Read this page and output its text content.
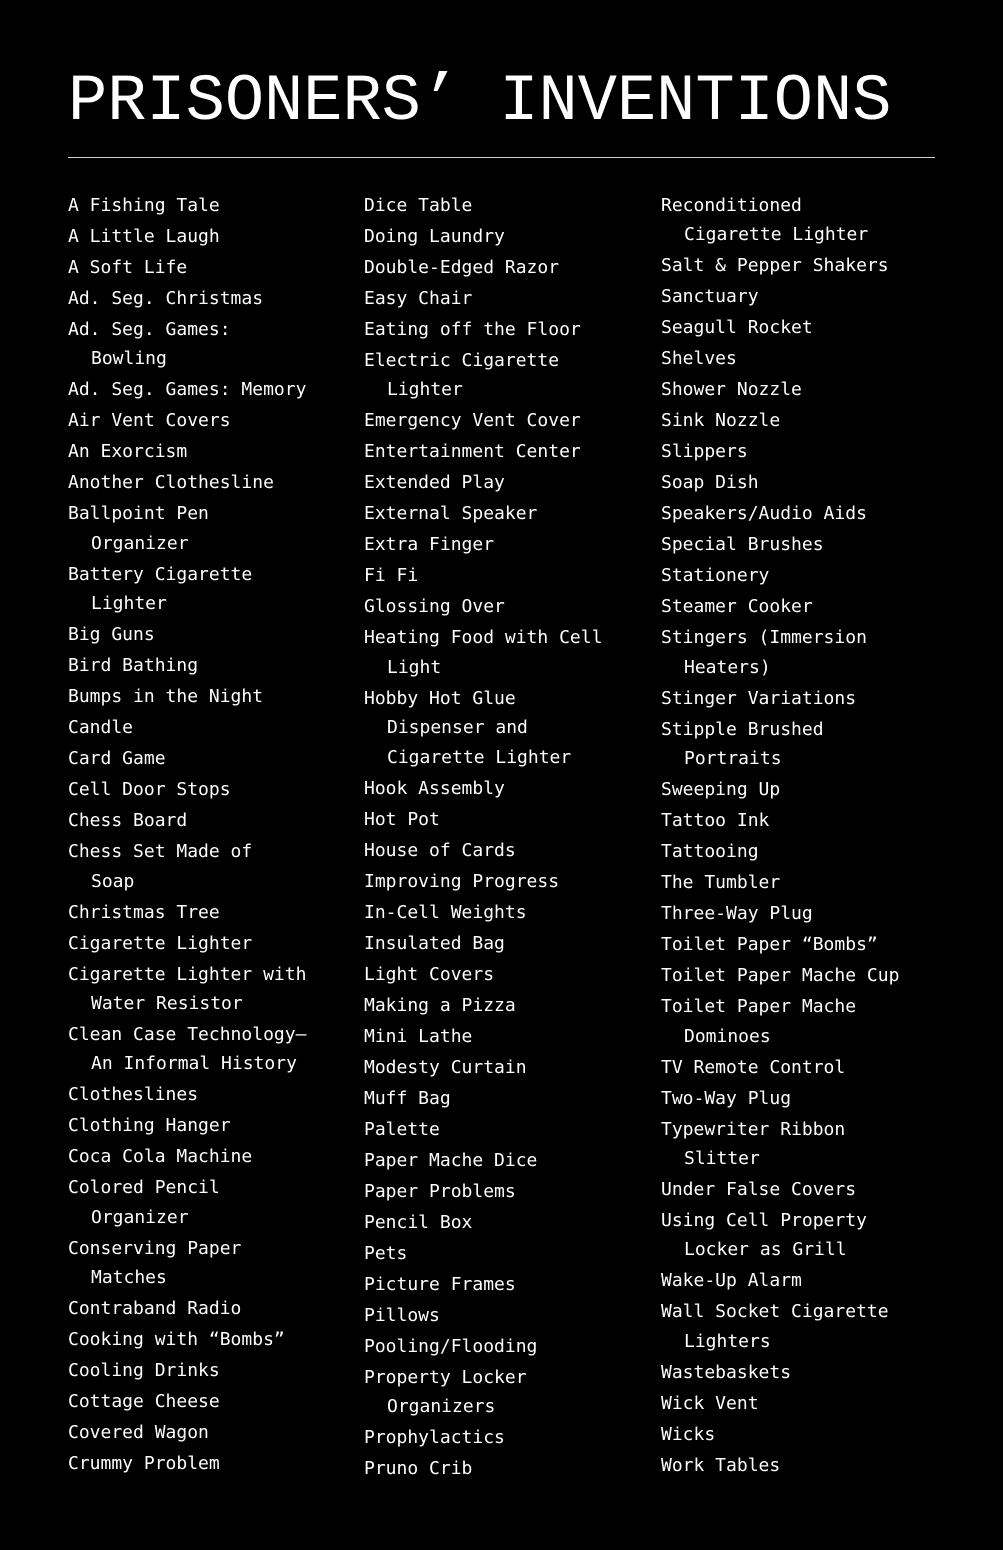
PRISONERS’ INVENTIONS
A Fishing Tale
A Little Laugh
A Soft Life
Ad. Seg. Christmas
Ad. Seg. Games:
Bowling
Ad. Seg. Games: Memory
Air Vent Covers
An Exorcism
Another Clothesline
Ballpoint Pen
Organizer
Battery Cigarette
Lighter
Big Guns
Bird Bathing
Bumps in the Night
Candle
Card Game
Cell Door Stops
Chess Board
Chess Set Made of
Soap
Christmas Tree
Cigarette Lighter
Cigarette Lighter with
Water Resistor
Clean Case Technology—
An Informal History
Clotheslines
Clothing Hanger
Coca Cola Machine
Colored Pencil
Organizer
Conserving Paper
Matches
Contraband Radio
Cooking with “Bombs”
Cooling Drinks
Cottage Cheese
Covered Wagon
Crummy Problem
Dice Table
Doing Laundry
Double-Edged Razor
Easy Chair
Eating off the Floor
Electric Cigarette
Lighter
Emergency Vent Cover
Entertainment Center
Extended Play
External Speaker
Extra Finger
Fi Fi
Glossing Over
Heating Food with Cell
Light
Hobby Hot Glue
Dispenser and
Cigarette Lighter
Hook Assembly
Hot Pot
House of Cards
Improving Progress
In-Cell Weights
Insulated Bag
Light Covers
Making a Pizza
Mini Lathe
Modesty Curtain
Muff Bag
Palette
Paper Mache Dice
Paper Problems
Pencil Box
Pets
Picture Frames
Pillows
Pooling/Flooding
Property Locker
Organizers
Prophylactics
Pruno Crib
Reconditioned
Cigarette Lighter
Salt & Pepper Shakers
Sanctuary
Seagull Rocket
Shelves
Shower Nozzle
Sink Nozzle
Slippers
Soap Dish
Speakers/Audio Aids
Special Brushes
Stationery
Steamer Cooker
Stingers (Immersion
Heaters)
Stinger Variations
Stipple Brushed
Portraits
Sweeping Up
Tattoo Ink
Tattooing
The Tumbler
Three-Way Plug
Toilet Paper “Bombs”
Toilet Paper Mache Cup
Toilet Paper Mache
Dominoes
TV Remote Control
Two-Way Plug
Typewriter Ribbon
Slitter
Under False Covers
Using Cell Property
Locker as Grill
Wake-Up Alarm
Wall Socket Cigarette
Lighters
Wastebaskets
Wick Vent
Wicks
Work Tables
